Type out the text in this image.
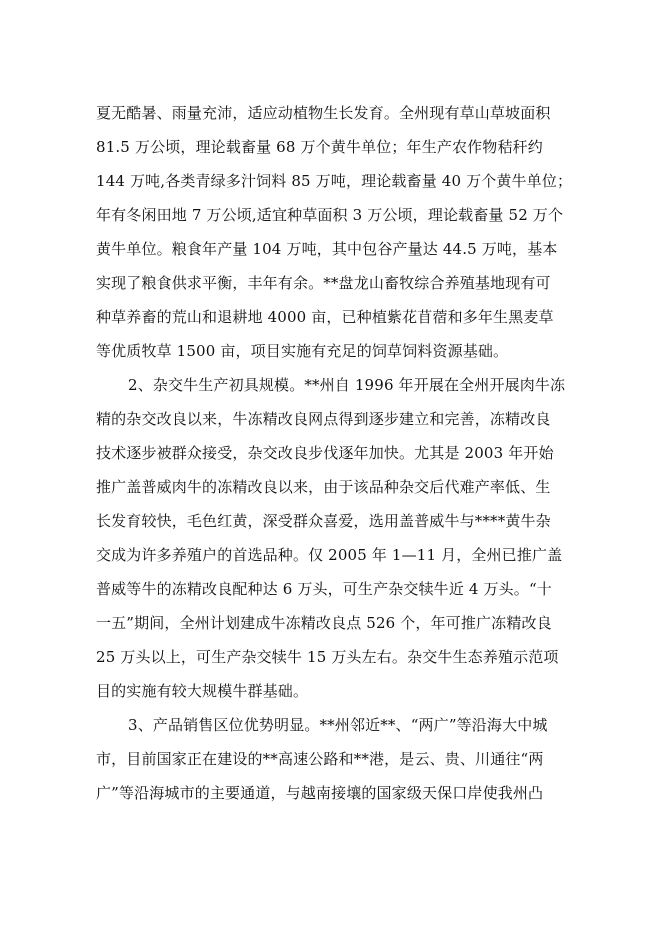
夏无酷暑、雨量充沛，适应动植物生长发育。全州现有草山草坡面积
81.5 万公顷，理论载畜量 68 万个黄牛单位；年生产农作物秸秆约
144 万吨,各类青绿多汁饲料 85 万吨，理论载畜量 40 万个黄牛单位；
年有冬闲田地 7 万公顷,适宜种草面积 3 万公顷，理论载畜量 52 万个
黄牛单位。粮食年产量 104 万吨，其中包谷产量达 44.5 万吨，基本
实现了粮食供求平衡，丰年有余。**盘龙山畜牧综合养殖基地现有可
种草养畜的荒山和退耕地 4000 亩，已种植紫花苜蓿和多年生黑麦草
等优质牧草 1500 亩，项目实施有充足的饲草饲料资源基础。
2、杂交牛生产初具规模。**州自 1996 年开展在全州开展肉牛冻
精的杂交改良以来，牛冻精改良网点得到逐步建立和完善，冻精改良
技术逐步被群众接受，杂交改良步伐逐年加快。尤其是 2003 年开始
推广盖普威肉牛的冻精改良以来，由于该品种杂交后代难产率低、生
长发育较快，毛色红黄，深受群众喜爱，选用盖普威牛与****黄牛杂
交成为许多养殖户的首选品种。仅 2005 年 1—11 月，全州已推广盖
普威等牛的冻精改良配种达 6 万头，可生产杂交犊牛近 4 万头。“十
一五”期间，全州计划建成牛冻精改良点 526 个，年可推广冻精改良
25 万头以上，可生产杂交犊牛 15 万头左右。杂交牛生态养殖示范项
目的实施有较大规模牛群基础。
3、产品销售区位优势明显。**州邻近**、“两广”等沿海大中城
市，目前国家正在建设的**高速公路和**港，是云、贵、川通往“两
广”等沿海城市的主要通道，与越南接壤的国家级天保口岸使我州凸
